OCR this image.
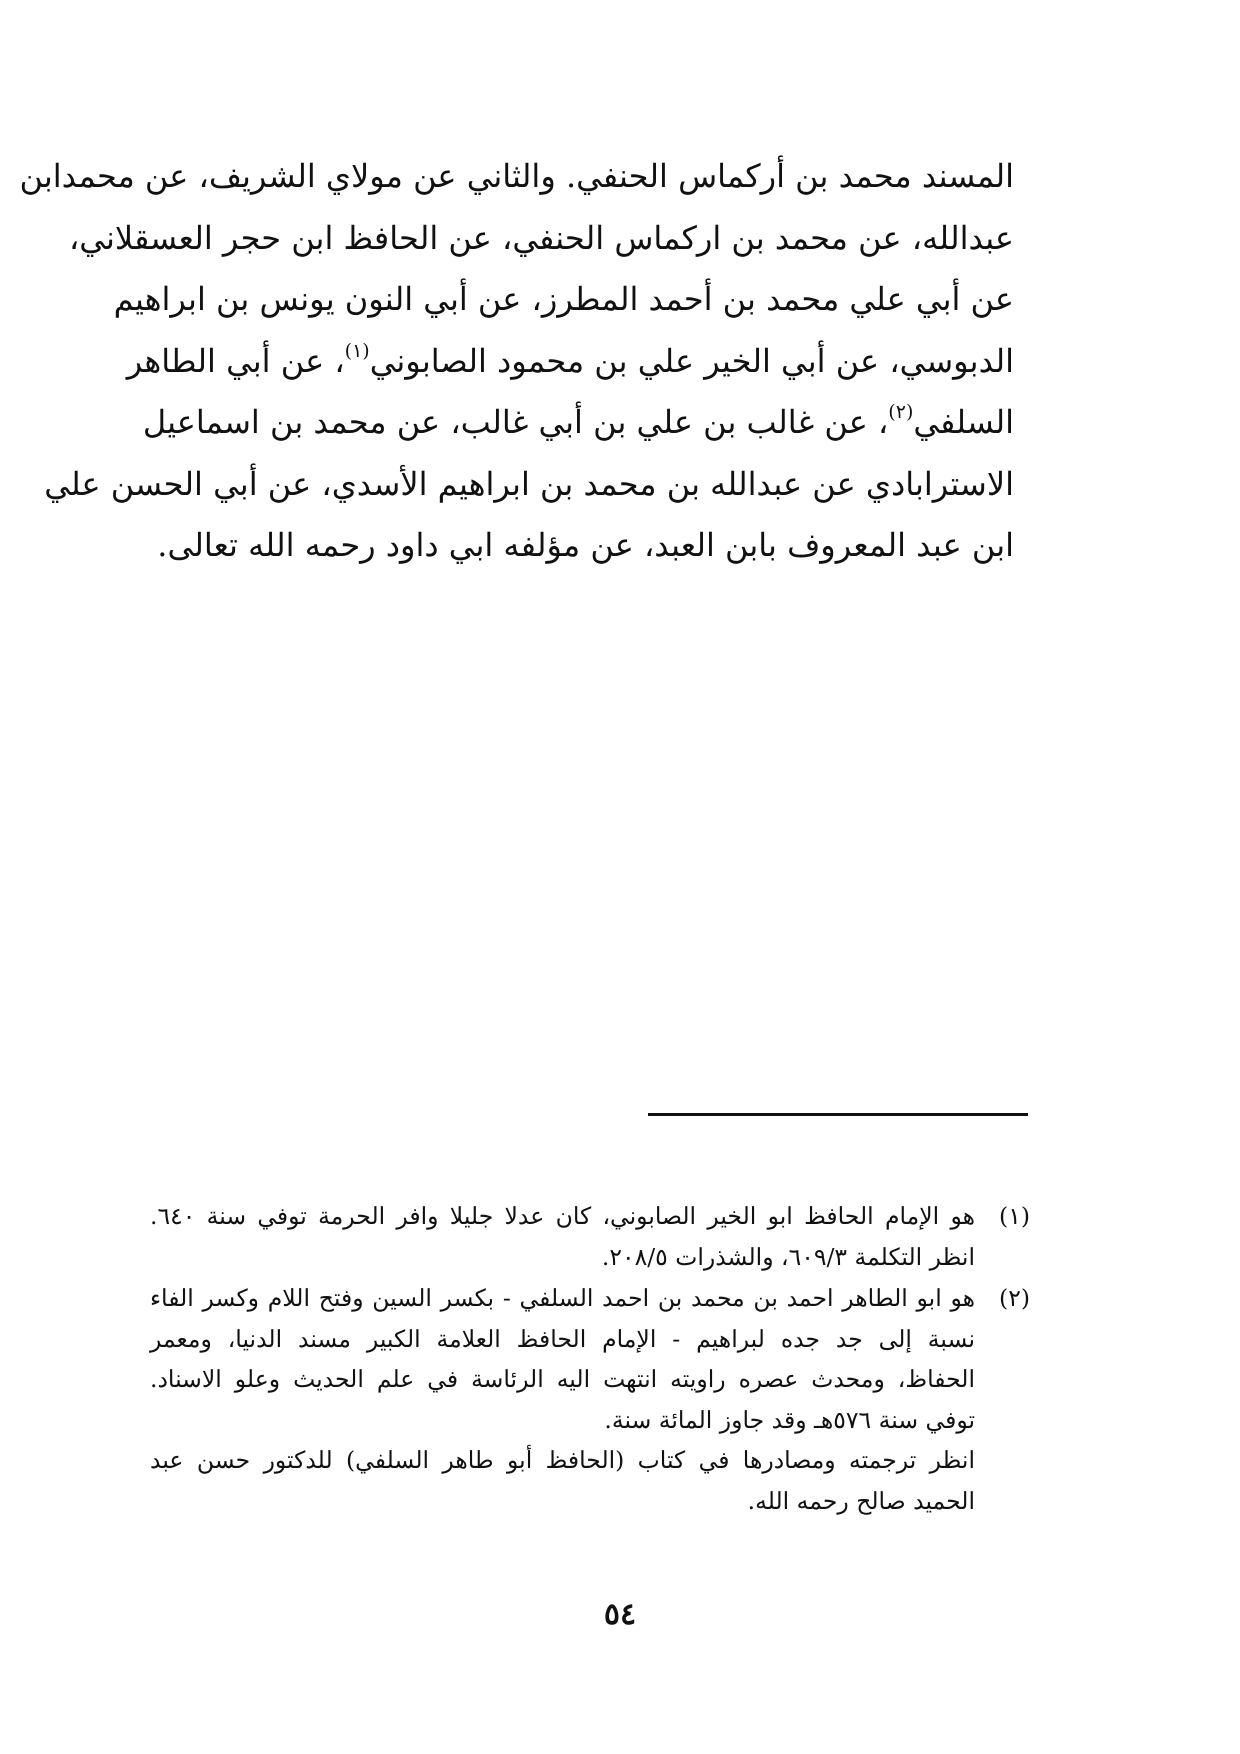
المسند محمد بن أركماس الحنفي. والثاني عن مولاي الشريف، عن محمدابن
عبدالله، عن محمد بن اركماس الحنفي، عن الحافظ ابن حجر العسقلاني،
عن أبي علي محمد بن أحمد المطرز، عن أبي النون يونس بن ابراهيم
الدبوسي، عن أبي الخير علي بن محمود الصابوني$^{(١)}$، عن أبي الطاهر
السلفي$^{(٢)}$، عن غالب بن علي بن أبي غالب، عن محمد بن اسماعيل
الاسترابادي عن عبدالله بن محمد بن ابراهيم الأسدي، عن أبي الحسن علي
ابن عبد المعروف بابن العبد، عن مؤلفه ابي داود رحمه الله تعالى.
(١)
هو الإمام الحافظ ابو الخير الصابوني، كان عدلا جليلا وافر الحرمة توفي سنة ٦٤٠.
انظر التكلمة ٦٠٩/٣، والشذرات ٢٠٨/٥.
(٢)
هو ابو الطاهر احمد بن محمد بن احمد السلفي - بكسر السين وفتح اللام وكسر الفاء
نسبة إلى جد جده لبراهيم - الإمام الحافظ العلامة الكبير مسند الدنيا، ومعمر
الحفاظ، ومحدث عصره راويته انتهت اليه الرئاسة في علم الحديث وعلو الاسناد.
توفي سنة ٥٧٦هـ وقد جاوز المائة سنة.
انظر ترجمته ومصادرها في كتاب (الحافظ أبو طاهر السلفي) للدكتور حسن عبد
الحميد صالح رحمه الله.
٥٤
